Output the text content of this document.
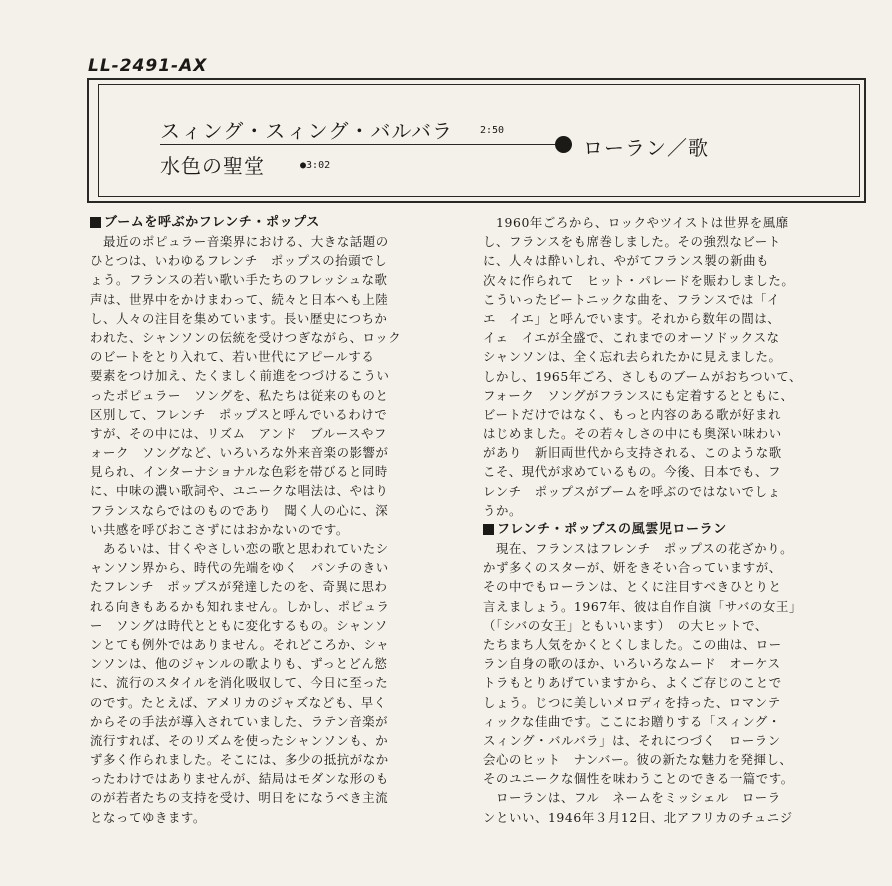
LL-2491-AX
スィング・スィング・バルバラ	2:50
ローラン／歌
水色の聖堂	●3:02
ブームを呼ぶかフレンチ・ポップス
　最近のポピュラー音楽界における、大きな話題の
ひとつは、いわゆるフレンチ　ポップスの抬頭でし
ょう。フランスの若い歌い手たちのフレッシュな歌
声は、世界中をかけまわって、続々と日本へも上陸
し、人々の注目を集めています。長い歴史につちか
われた、シャンソンの伝統を受けつぎながら、ロック
のビートをとり入れて、若い世代にアピールする
要素をつけ加え、たくましく前進をつづけるこうい
ったポピュラー　ソングを、私たちは従来のものと
区別して、フレンチ　ポップスと呼んでいるわけで
すが、その中には、リズム　アンド　ブルースやフ
ォーク　ソングなど、いろいろな外来音楽の影響が
見られ、インターナショナルな色彩を帯びると同時
に、中味の濃い歌詞や、ユニークな唱法は、やはり
フランスならではのものであり　聞く人の心に、深
い共感を呼びおこさずにはおかないのです。
　あるいは、甘くやさしい恋の歌と思われていたシ
ャンソン界から、時代の先端をゆく　パンチのきい
たフレンチ　ポップスが発達したのを、奇異に思わ
れる向きもあるかも知れません。しかし、ポピュラ
ー　ソングは時代とともに変化するもの。シャンソ
ンとても例外ではありません。それどころか、シャ
ンソンは、他のジャンルの歌よりも、ずっとどん慾
に、流行のスタイルを消化吸収して、今日に至った
のです。たとえば、アメリカのジャズなども、早く
からその手法が導入されていました、ラテン音楽が
流行すれば、そのリズムを使ったシャンソンも、か
ず多く作られました。そこには、多少の抵抗がなか
ったわけではありませんが、結局はモダンな形のも
のが若者たちの支持を受け、明日をになうべき主流
となってゆきます。
　1960年ごろから、ロックやツイストは世界を風靡
し、フランスをも席巻しました。その強烈なビート
に、人々は酔いしれ、やがてフランス製の新曲も
次々に作られて　ヒット・パレードを賑わしました。
こういったビートニックな曲を、フランスでは「イ
エ　イエ」と呼んでいます。それから数年の間は、
イェ　イエが全盛で、これまでのオーソドックスな
シャンソンは、全く忘れ去られたかに見えました。
しかし、1965年ごろ、さしものブームがおちついて、
フォーク　ソングがフランスにも定着するとともに、
ビートだけではなく、もっと内容のある歌が好まれ
はじめました。その若々しさの中にも奥深い味わい
があり　新旧両世代から支持される、このような歌
こそ、現代が求めているもの。今後、日本でも、フ
レンチ　ポップスがブームを呼ぶのではないでしょ
うか。
フレンチ・ポップスの風雲児ローラン
　現在、フランスはフレンチ　ポップスの花ざかり。
かず多くのスターが、妍をきそい合っていますが、
その中でもローランは、とくに注目すべきひとりと
言えましょう。1967年、彼は自作自演「サバの女王」
（「シバの女王」ともいいます）　の大ヒットで、
たちまち人気をかくとくしました。この曲は、ロー
ラン自身の歌のほか、いろいろなムード　オーケス
トラもとりあげていますから、よくご存じのことで
しょう。じつに美しいメロディを持った、ロマンテ
ィックな佳曲です。ここにお贈りする「スィング・
スィング・バルバラ」は、それにつづく　ローラン
会心のヒット　ナンバー。彼の新たな魅力を発揮し、
そのユニークな個性を味わうことのできる一篇です。
　ローランは、フル　ネームをミッシェル　ローラ
ンといい、1946年３月12日、北アフリカのチュニジ
